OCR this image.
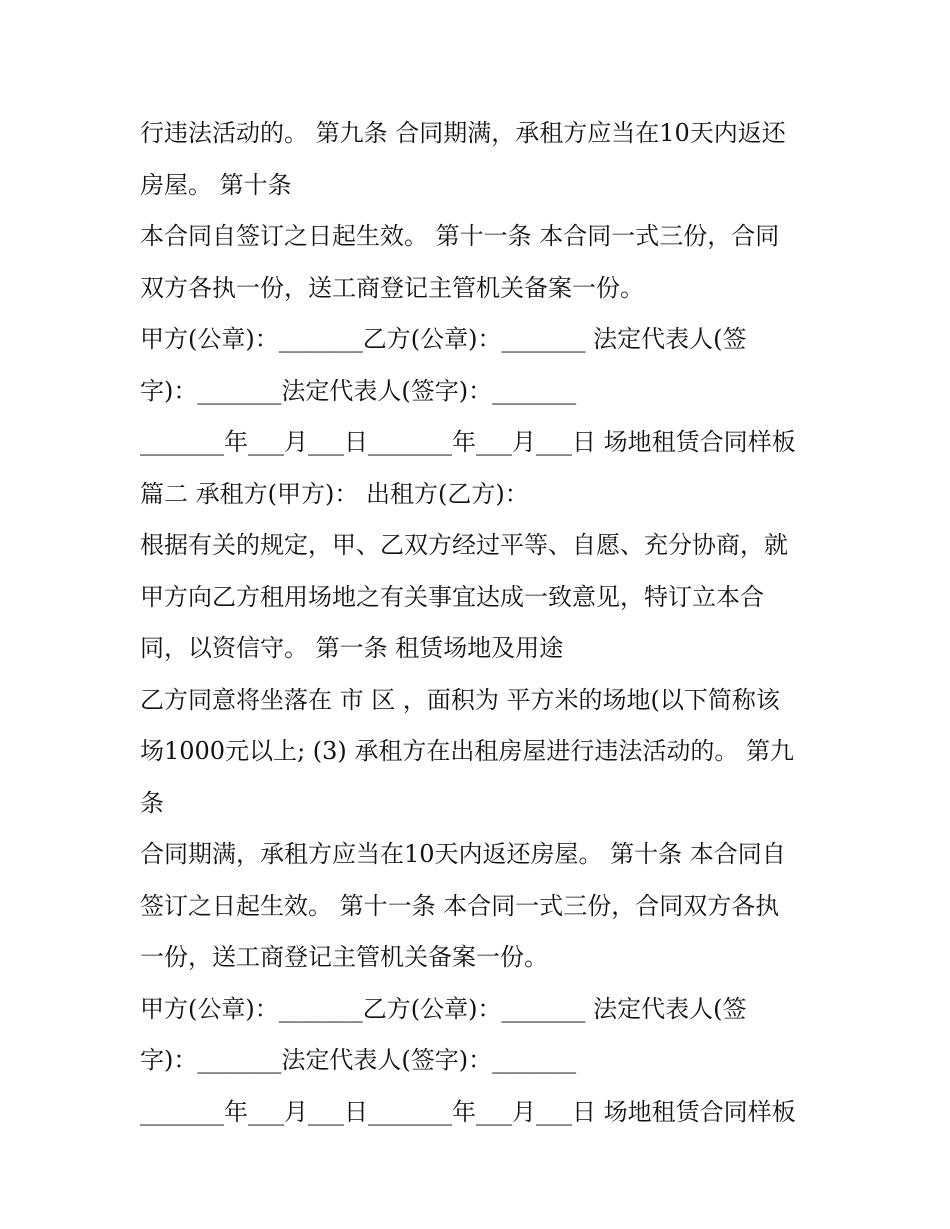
行违法活动的。 第九条 合同期满，承租方应当在10天内返还
房屋。 第十条
本合同自签订之日起生效。 第十一条 本合同一式三份，合同
双方各执一份，送工商登记主管机关备案一份。
甲方(公章)：_______乙方(公章)：_______ 法定代表人(签
字)：_______法定代表人(签字)：_______
_______年___月___日_______年___月___日 场地租赁合同样板
篇二 承租方(甲方)： 出租方(乙方)：
根据有关的规定，甲、乙双方经过平等、自愿、充分协商，就
甲方向乙方租用场地之有关事宜达成一致意见，特订立本合
同，以资信守。 第一条 租赁场地及用途
乙方同意将坐落在 市 区 ，面积为 平方米的场地(以下简称该
场1000元以上; (3) 承租方在出租房屋进行违法活动的。 第九
条
合同期满，承租方应当在10天内返还房屋。 第十条 本合同自
签订之日起生效。 第十一条 本合同一式三份，合同双方各执
一份，送工商登记主管机关备案一份。
甲方(公章)：_______乙方(公章)：_______ 法定代表人(签
字)：_______法定代表人(签字)：_______
_______年___月___日_______年___月___日 场地租赁合同样板
